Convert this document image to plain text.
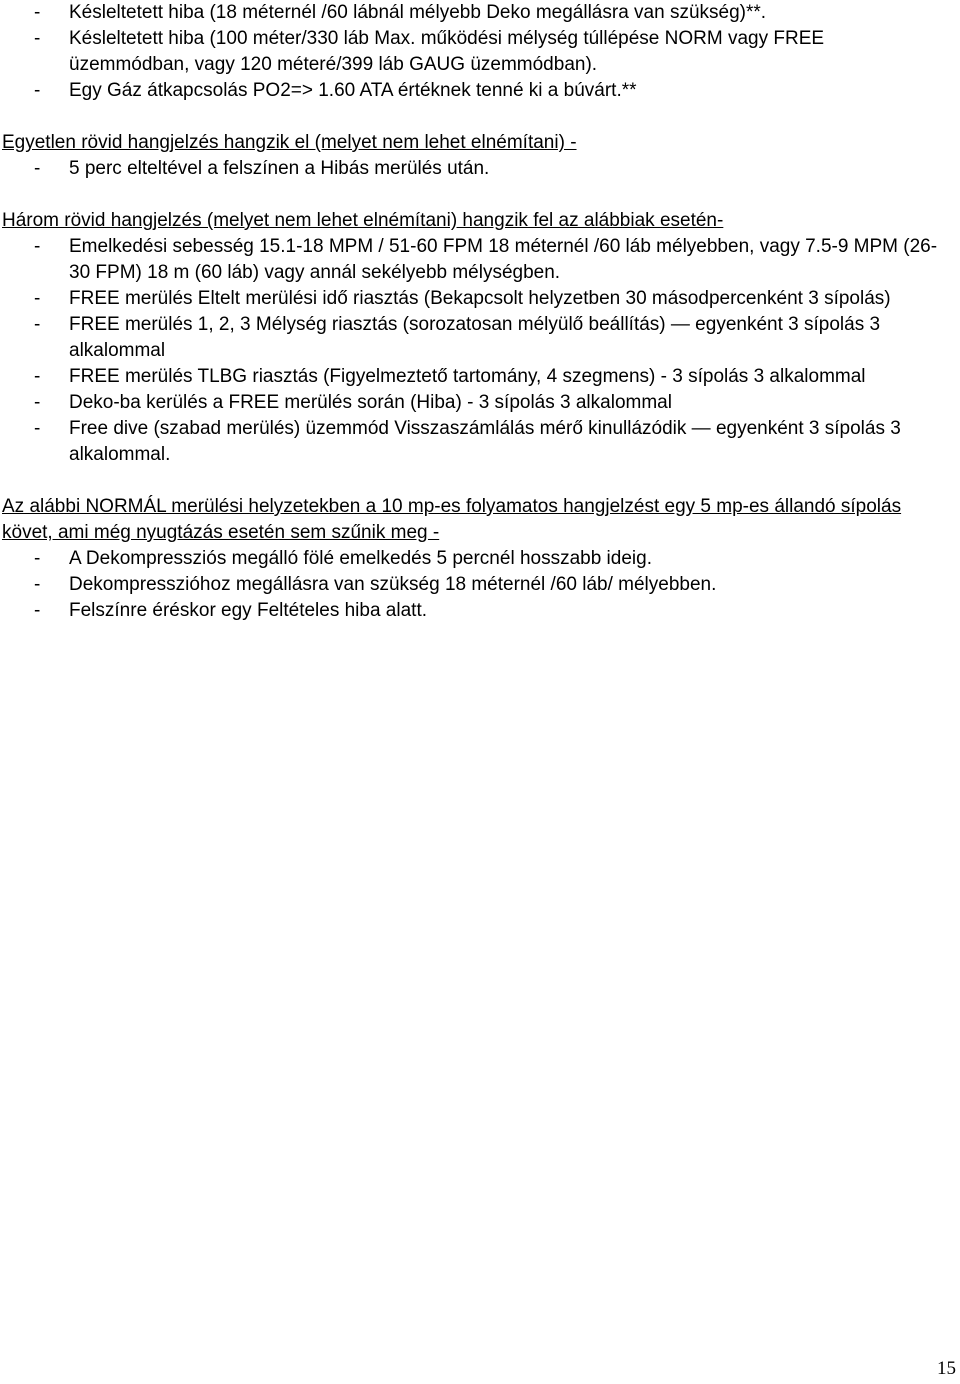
- Késleltetett hiba (18 méternél /60 lábnál mélyebb Deko megállásra van szükség)**.
- Késleltetett hiba (100 méter/330 láb Max. működési mélység túllépése NORM vagy FREE üzemmódban, vagy 120 méteré/399 láb GAUG üzemmódban).
- Egy Gáz átkapcsolás PO2=> 1.60 ATA értéknek tenné ki a búvárt.**

Egyetlen rövid hangjelzés hangzik el (melyet nem lehet elnémítani) -

- 5 perc elteltével a felszínen a Hibás merülés után.

Három rövid hangjelzés (melyet nem lehet elnémítani) hangzik fel az alábbiak esetén-

- Emelkedési sebesség 15.1-18 MPM / 51-60 FPM 18 méternél /60 láb mélyebben, vagy 7.5-9 MPM (26-30 FPM) 18 m (60 láb) vagy annál sekélyebb mélységben.
- FREE merülés Eltelt merülési idő riasztás (Bekapcsolt helyzetben 30 másodpercenként 3 sípolás)
- FREE merülés 1, 2, 3 Mélység riasztás (sorozatosan mélyülő beállítás) ― egyenként 3 sípolás 3 alkalommal
- FREE merülés TLBG riasztás (Figyelmeztető tartomány, 4 szegmens) - 3 sípolás 3 alkalommal
- Deko-ba kerülés a FREE merülés során (Hiba) - 3 sípolás 3 alkalommal
- Free dive (szabad merülés) üzemmód Visszaszámlálás mérő kinullázódik ― egyenként 3 sípolás 3 alkalommal.

Az alábbi NORMÁL merülési helyzetekben a 10 mp-es folyamatos hangjelzést egy 5 mp-es állandó sípolás követ, ami még nyugtázás esetén sem szűnik meg -

- A Dekompressziós megálló fölé emelkedés 5 percnél hosszabb ideig.
- Dekompresszióhoz megállásra van szükség 18 méternél /60 láb/ mélyebben.
- Felszínre éréskor egy Feltételes hiba alatt.
15
